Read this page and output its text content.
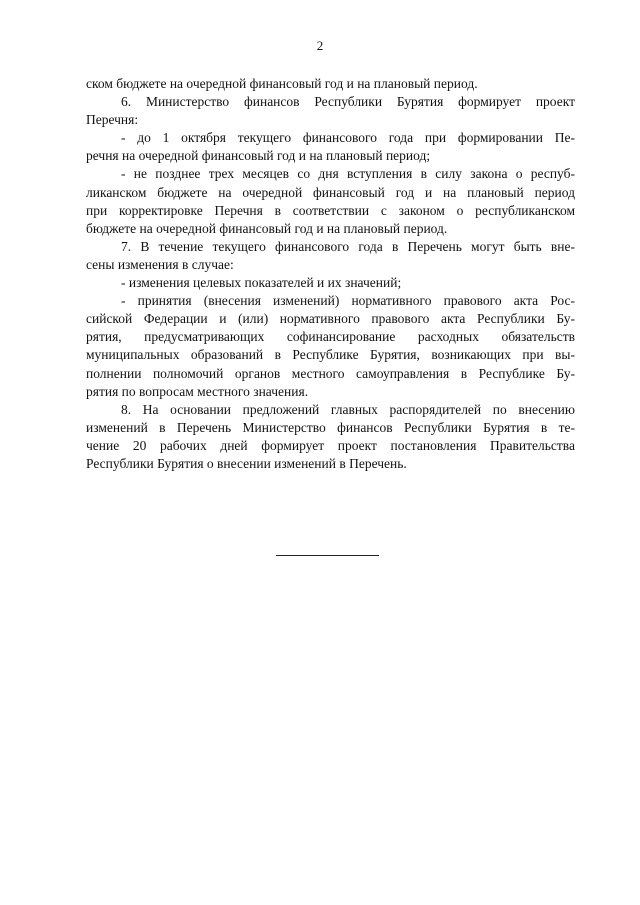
2
ском бюджете на очередной финансовый год и на плановый период.
6. Министерство финансов Республики Бурятия формирует проект
Перечня:
- до 1 октября текущего финансового года при формировании Пе-
речня на очередной финансовый год и на плановый период;
- не позднее трех месяцев со дня вступления в силу закона о респуб-
ликанском бюджете на очередной финансовый год и на плановый период
при корректировке Перечня в соответствии с законом о республиканском
бюджете на очередной финансовый год и на плановый период.
7. В течение текущего финансового года в Перечень могут быть вне-
сены изменения в случае:
- изменения целевых показателей и их значений;
- принятия (внесения изменений) нормативного правового акта Рос-
сийской Федерации и (или) нормативного правового акта Республики Бу-
рятия, предусматривающих софинансирование расходных обязательств
муниципальных образований в Республике Бурятия, возникающих при вы-
полнении полномочий органов местного самоуправления в Республике Бу-
рятия по вопросам местного значения.
8. На основании предложений главных распорядителей по внесению
изменений в Перечень Министерство финансов Республики Бурятия в те-
чение 20 рабочих дней формирует проект постановления Правительства
Республики Бурятия о внесении изменений в Перечень.
